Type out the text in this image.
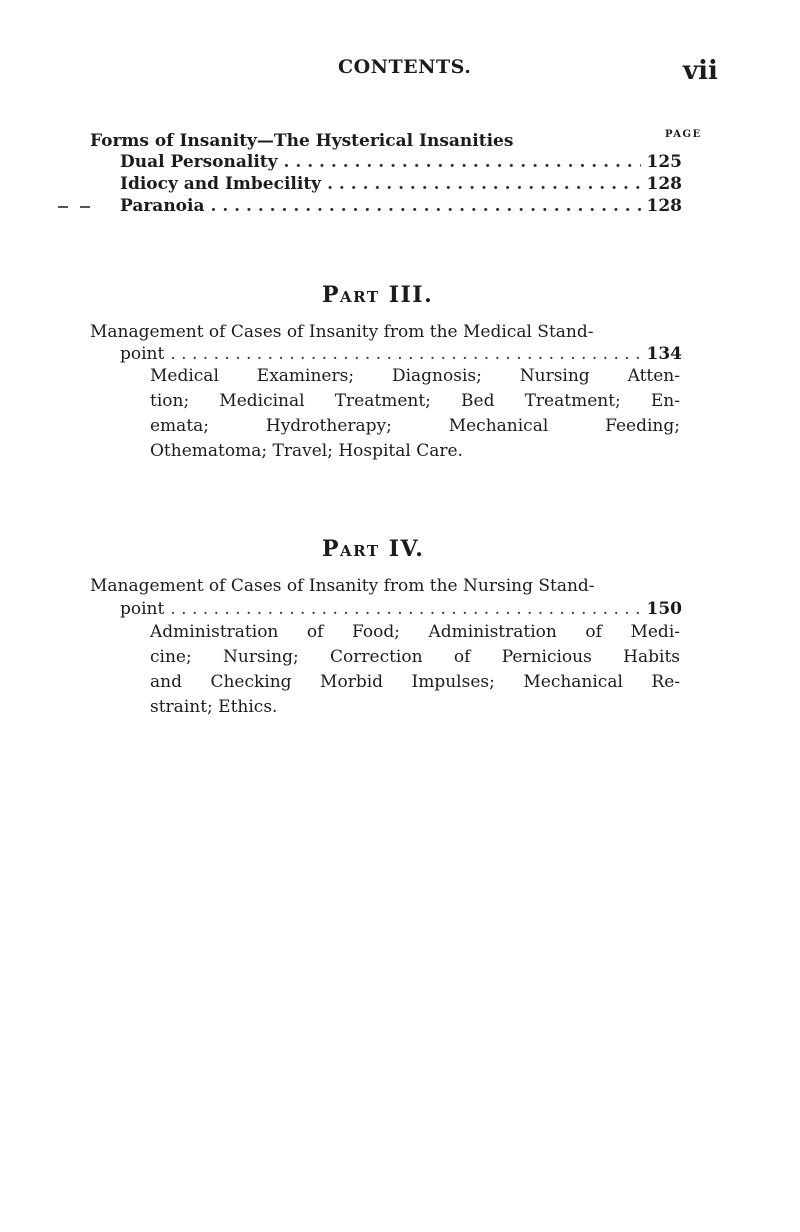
CONTENTS.	vii
Forms of Insanity—The Hysterical Insanities	PAGE
Dual Personality . . .	125
Idiocy and Imbecility . . .	128
Paranoia . . .	128
Part III.
Management of Cases of Insanity from the Medical Stand-
point . . .	134
Medical Examiners; Diagnosis; Nursing Atten-
tion; Medicinal Treatment; Bed Treatment; En-
emata; Hydrotherapy; Mechanical Feeding;
Othematoma; Travel; Hospital Care.
Part IV.
Management of Cases of Insanity from the Nursing Stand-
point . . .	150
Administration of Food; Administration of Medi-
cine; Nursing; Correction of Pernicious Habits
and Checking Morbid Impulses; Mechanical Re-
straint; Ethics.
